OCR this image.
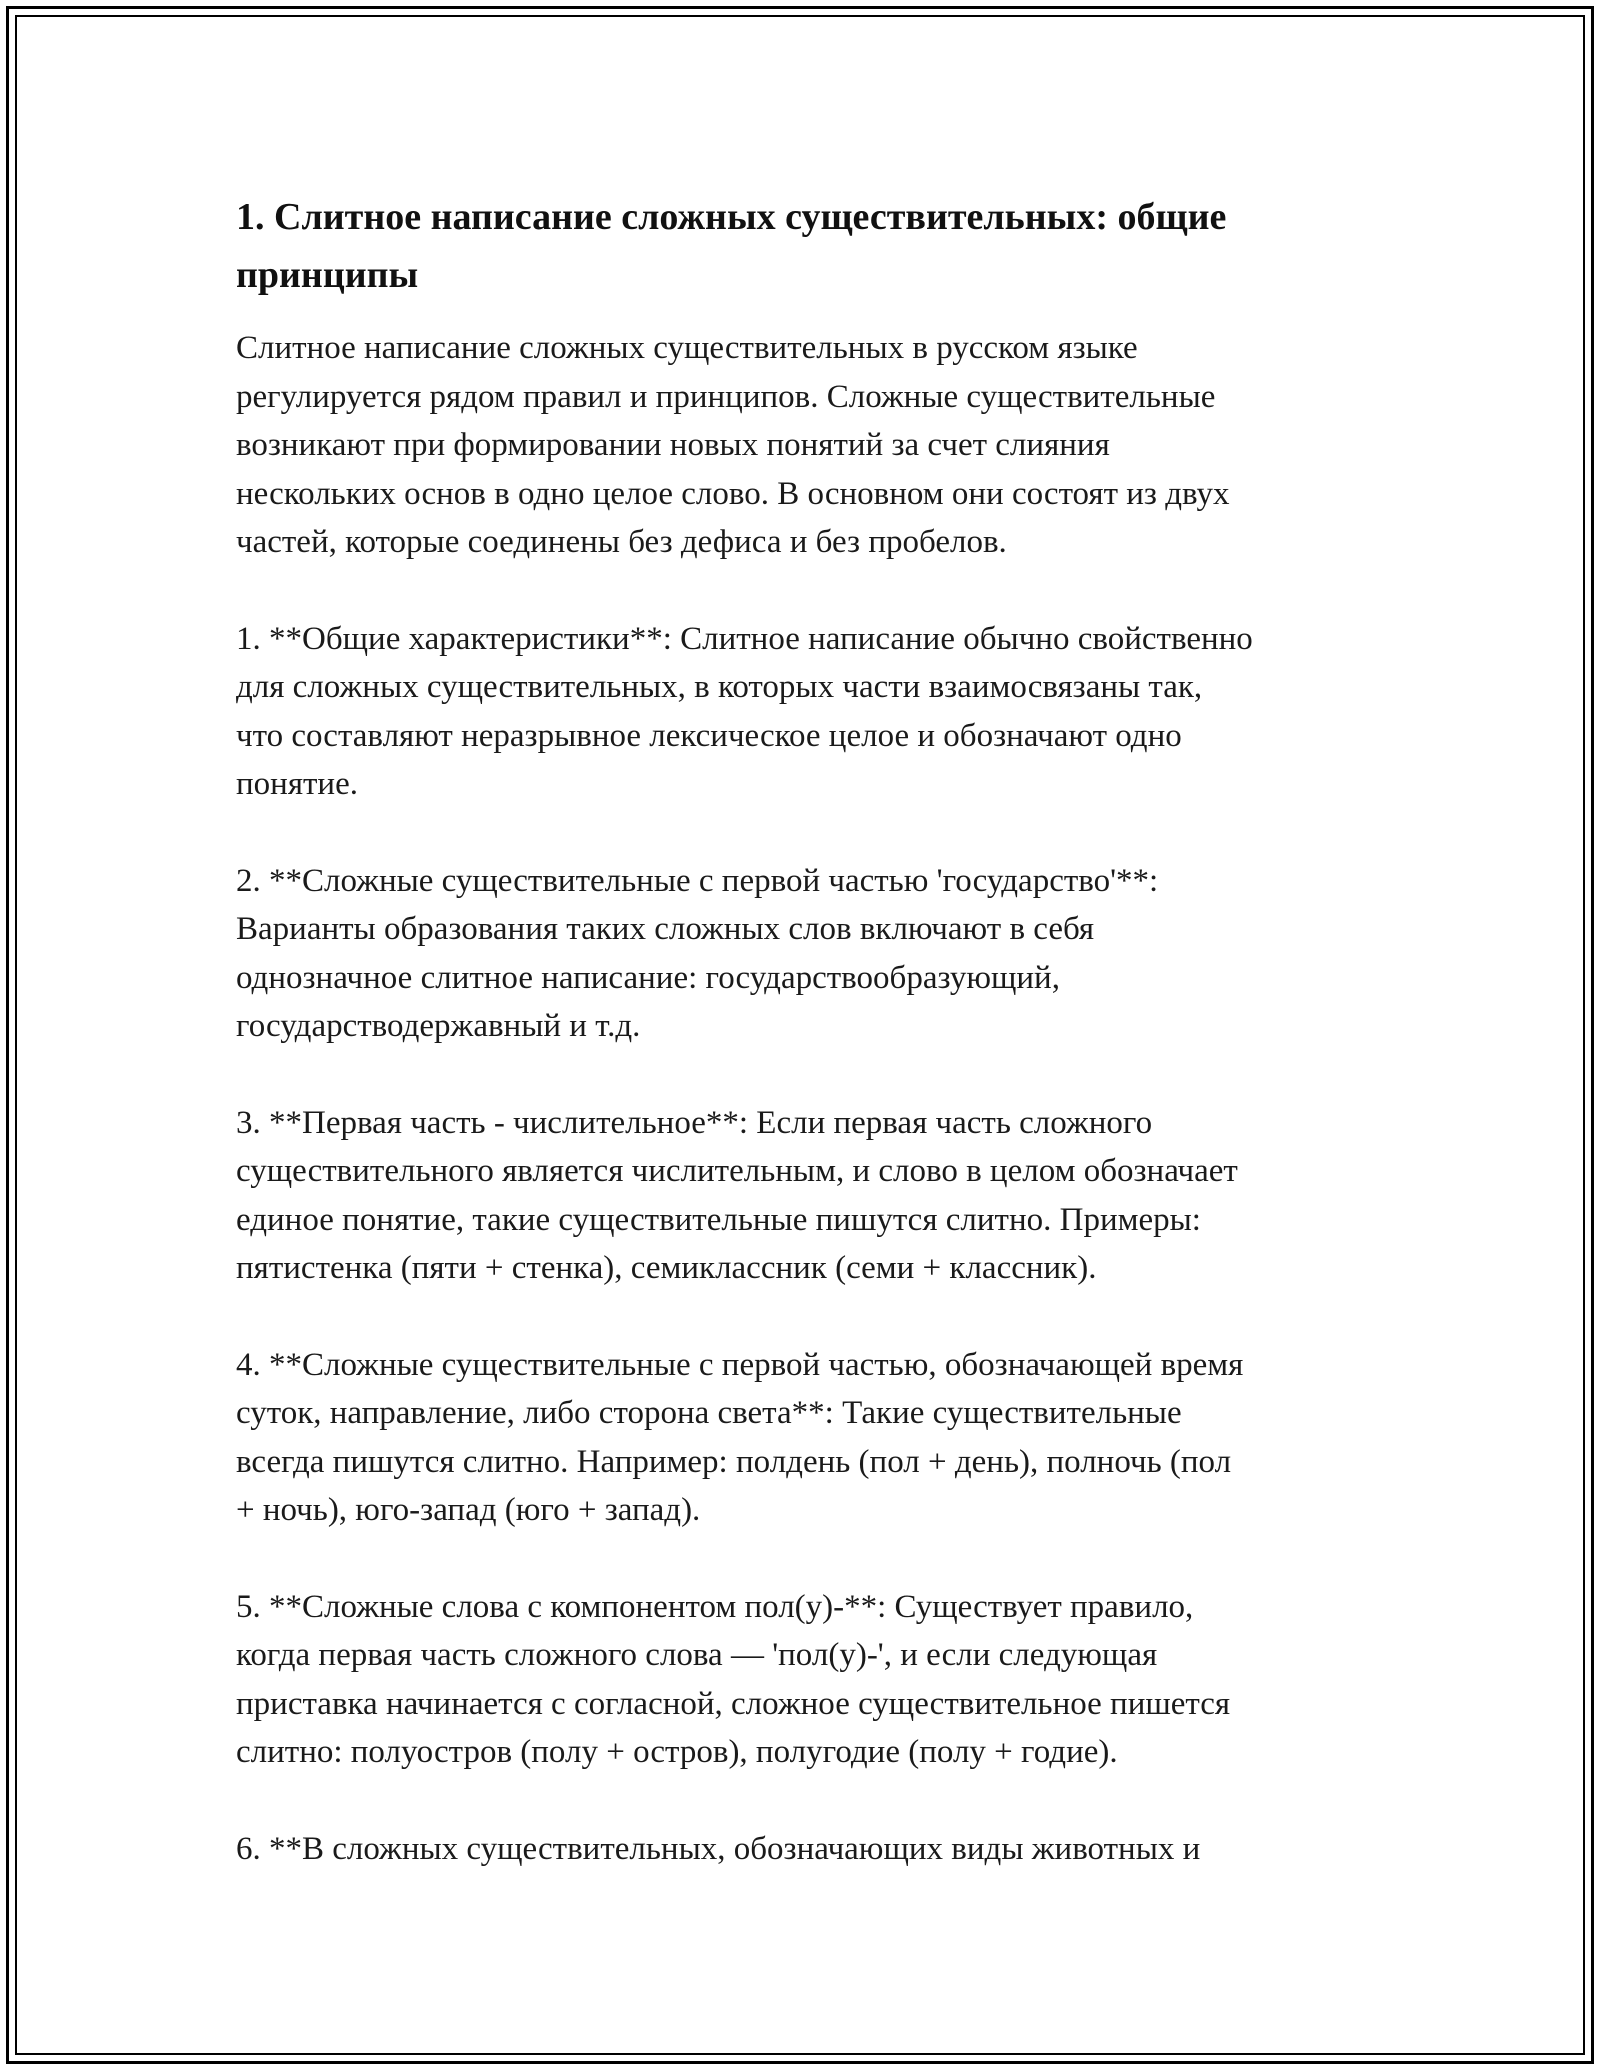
1. Слитное написание сложных существительных: общие принципы

Слитное написание сложных существительных в русском языке
регулируется рядом правил и принципов. Сложные существительные
возникают при формировании новых понятий за счет слияния
нескольких основ в одно целое слово. В основном они состоят из двух
частей, которые соединены без дефиса и без пробелов.

1. **Общие характеристики**: Слитное написание обычно свойственно
для сложных существительных, в которых части взаимосвязаны так,
что составляют неразрывное лексическое целое и обозначают одно
понятие.

2. **Сложные существительные с первой частью 'государство'**:
Варианты образования таких сложных слов включают в себя
однозначное слитное написание: государствообразующий,
государстводержавный и т.д.

3. **Первая часть - числительное**: Если первая часть сложного
существительного является числительным, и слово в целом обозначает
единое понятие, такие существительные пишутся слитно. Примеры:
пятистенка (пяти + стенка), семиклассник (семи + классник).

4. **Сложные существительные с первой частью, обозначающей время
суток, направление, либо сторона света**: Такие существительные
всегда пишутся слитно. Например: полдень (пол + день), полночь (пол
+ ночь), юго-запад (юго + запад).

5. **Сложные слова с компонентом пол(у)-**: Существует правило,
когда первая часть сложного слова — 'пол(у)-', и если следующая
приставка начинается с согласной, сложное существительное пишется
слитно: полуостров (полу + остров), полугодие (полу + годие).

6. **В сложных существительных, обозначающих виды животных и
